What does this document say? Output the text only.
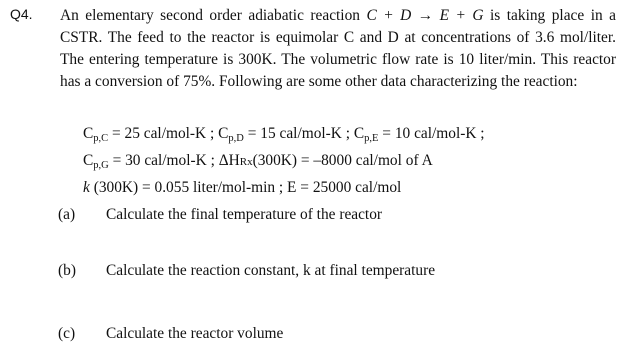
Q4. An elementary second order adiabatic reaction C + D → E + G is taking place in a
CSTR. The feed to the reactor is equimolar C and D at concentrations of 3.6 mol/liter.
The entering temperature is 300K. The volumetric flow rate is 10 liter/min. This reactor
has a conversion of 75%. Following are some other data characterizing the reaction:
$C_{p,C} = 25$ cal/mol-K ; $C_{p,D} = 15$ cal/mol-K ; $C_{p,E} = 10$ cal/mol-K ;
$C_{p,G} = 30$ cal/mol-K ; ΔHRx(300K) = –8000 cal/mol of A
k (300K) = 0.055 liter/mol-min ; E = 25000 cal/mol
(a) Calculate the final temperature of the reactor
(b) Calculate the reaction constant, k at final temperature
(c) Calculate the reactor volume
